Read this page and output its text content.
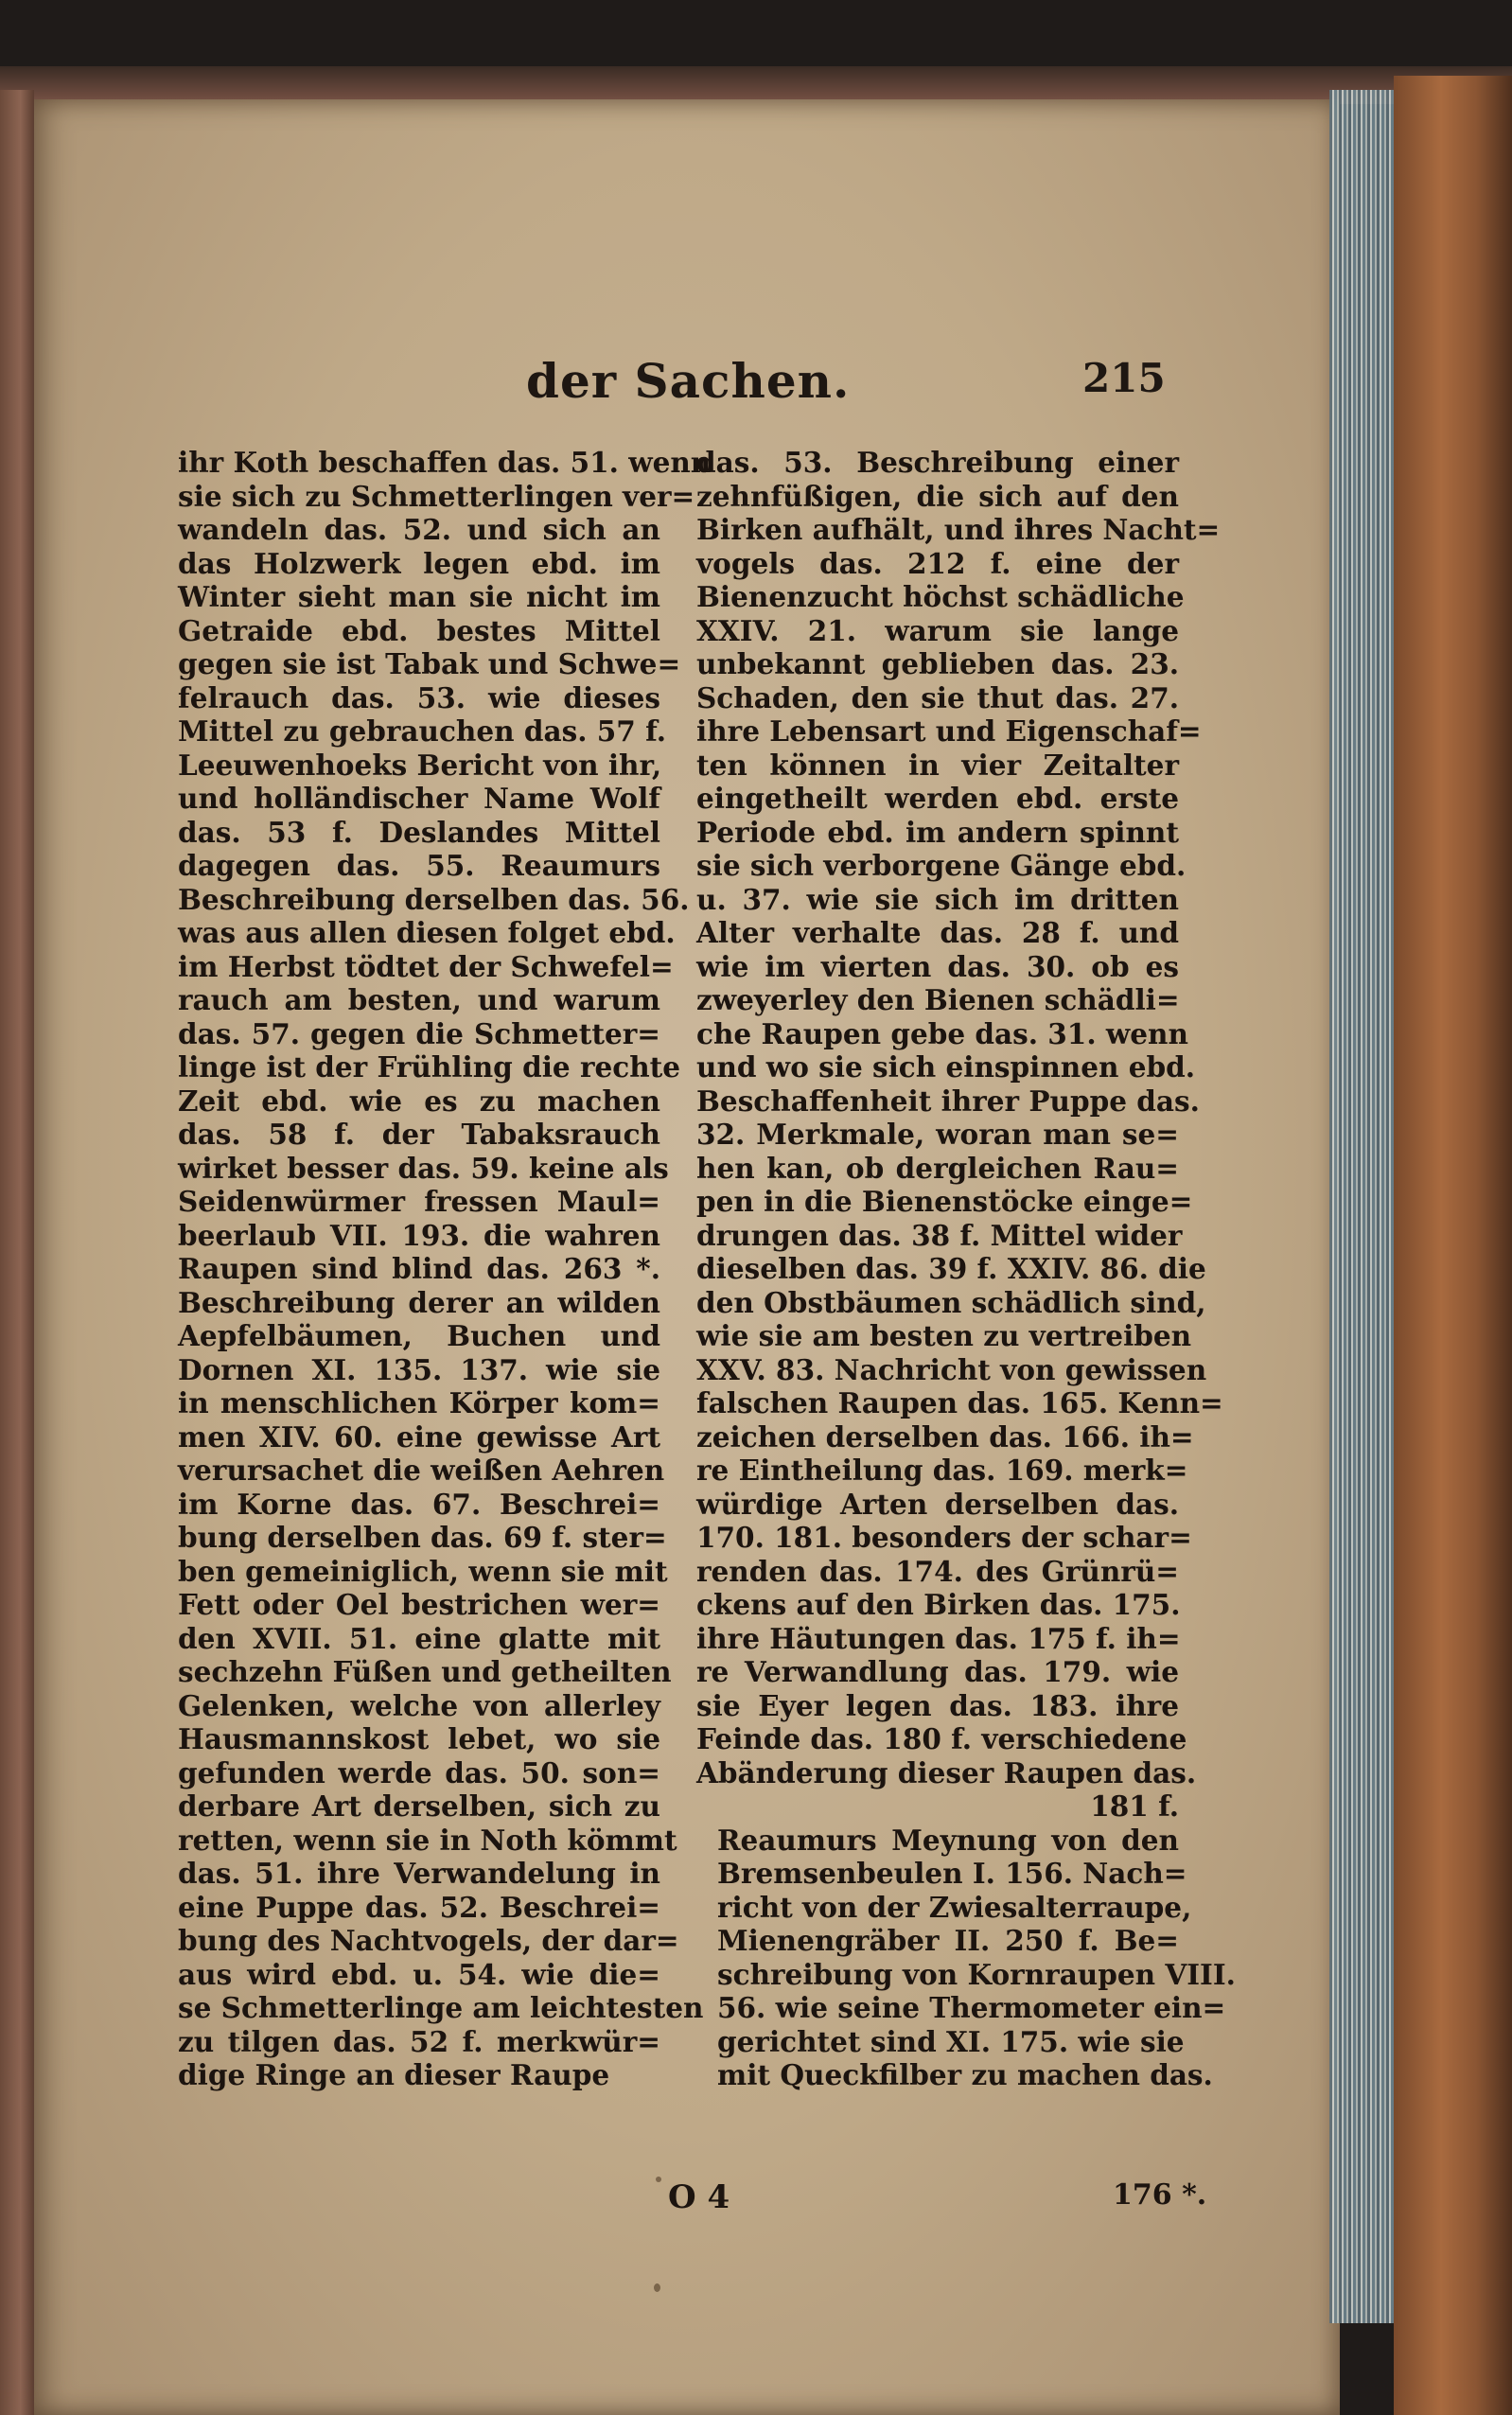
der Sachen.	215
ihr Koth beschaffen das. 51. wenn
sie sich zu Schmetterlingen ver=
wandeln das. 52. und sich an
das Holzwerk legen ebd. im
Winter sieht man sie nicht im
Getraide ebd. bestes Mittel
gegen sie ist Tabak und Schwe=
felrauch das. 53. wie dieses
Mittel zu gebrauchen das. 57 f.
Leeuwenhoeks Bericht von ihr,
und holländischer Name Wolf
das. 53 f. Deslandes Mittel
dagegen das. 55. Reaumurs
Beschreibung derselben das. 56.
was aus allen diesen folget ebd.
im Herbst tödtet der Schwefel=
rauch am besten, und warum
das. 57. gegen die Schmetter=
linge ist der Frühling die rechte
Zeit ebd. wie es zu machen
das. 58 f. der Tabaksrauch
wirket besser das. 59. keine als
Seidenwürmer fressen Maul=
beerlaub VII. 193. die wahren
Raupen sind blind das. 263 *.
Beschreibung derer an wilden
Aepfelbäumen, Buchen und
Dornen XI. 135. 137. wie sie
in menschlichen Körper kom=
men XIV. 60. eine gewisse Art
verursachet die weißen Aehren
im Korne das. 67. Beschrei=
bung derselben das. 69 f. ster=
ben gemeiniglich, wenn sie mit
Fett oder Oel bestrichen wer=
den XVII. 51. eine glatte mit
sechzehn Füßen und getheilten
Gelenken, welche von allerley
Hausmannskost lebet, wo sie
gefunden werde das. 50. son=
derbare Art derselben, sich zu
retten, wenn sie in Noth kömmt
das. 51. ihre Verwandelung in
eine Puppe das. 52. Beschrei=
bung des Nachtvogels, der dar=
aus wird ebd. u. 54. wie die=
se Schmetterlinge am leichtesten
zu tilgen das. 52 f. merkwür=
dige Ringe an dieser Raupe
das. 53. Beschreibung einer
zehnfüßigen, die sich auf den
Birken aufhält, und ihres Nacht=
vogels das. 212 f. eine der
Bienenzucht höchst schädliche
XXIV. 21. warum sie lange
unbekannt geblieben das. 23.
Schaden, den sie thut das. 27.
ihre Lebensart und Eigenschaf=
ten können in vier Zeitalter
eingetheilt werden ebd. erste
Periode ebd. im andern spinnt
sie sich verborgene Gänge ebd.
u. 37. wie sie sich im dritten
Alter verhalte das. 28 f. und
wie im vierten das. 30. ob es
zweyerley den Bienen schädli=
che Raupen gebe das. 31. wenn
und wo sie sich einspinnen ebd.
Beschaffenheit ihrer Puppe das.
32. Merkmale, woran man se=
hen kan, ob dergleichen Rau=
pen in die Bienenstöcke einge=
drungen das. 38 f. Mittel wider
dieselben das. 39 f. XXIV. 86. die
den Obstbäumen schädlich sind,
wie sie am besten zu vertreiben
XXV. 83. Nachricht von gewissen
falschen Raupen das. 165. Kenn=
zeichen derselben das. 166. ih=
re Eintheilung das. 169. merk=
würdige Arten derselben das.
170. 181. besonders der schar=
renden das. 174. des Grünrü=
ckens auf den Birken das. 175.
ihre Häutungen das. 175 f. ih=
re Verwandlung das. 179. wie
sie Eyer legen das. 183. ihre
Feinde das. 180 f. verschiedene
Abänderung dieser Raupen das.
181 f.
Reaumurs Meynung von den
Bremsenbeulen I. 156. Nach=
richt von der Zwiesalterraupe,
Mienengräber II. 250 f. Be=
schreibung von Kornraupen VIII.
56. wie seine Thermometer ein=
gerichtet sind XI. 175. wie sie
mit Queckfilber zu machen das.
O 4	176 *.
